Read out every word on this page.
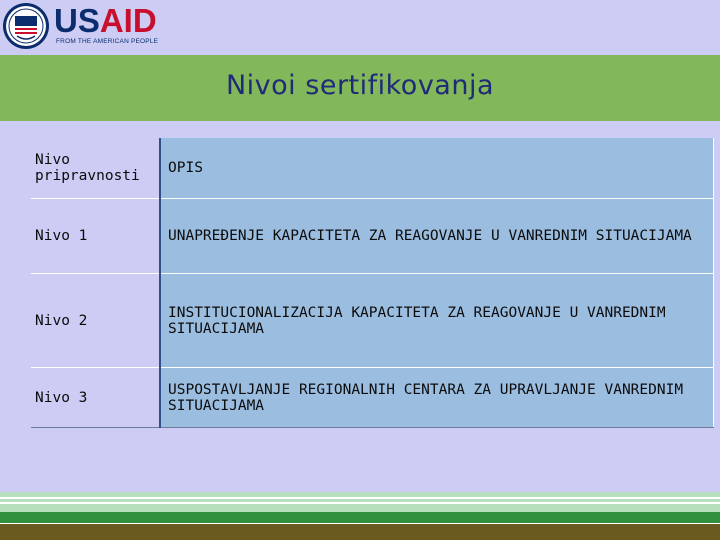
USAID
FROM THE AMERICAN PEOPLE
Nivoi sertifikovanja
Nivo pripravnosti	OPIS
Nivo 1	UNAPREĐENJE KAPACITETA ZA REAGOVANJE U VANREDNIM SITUACIJAMA
Nivo 2	INSTITUCIONALIZACIJA KAPACITETA ZA REAGOVANJE U VANREDNIM SITUACIJAMA
Nivo 3	USPOSTAVLJANJE REGIONALNIH CENTARA ZA UPRAVLJANJE VANREDNIM SITUACIJAMA
